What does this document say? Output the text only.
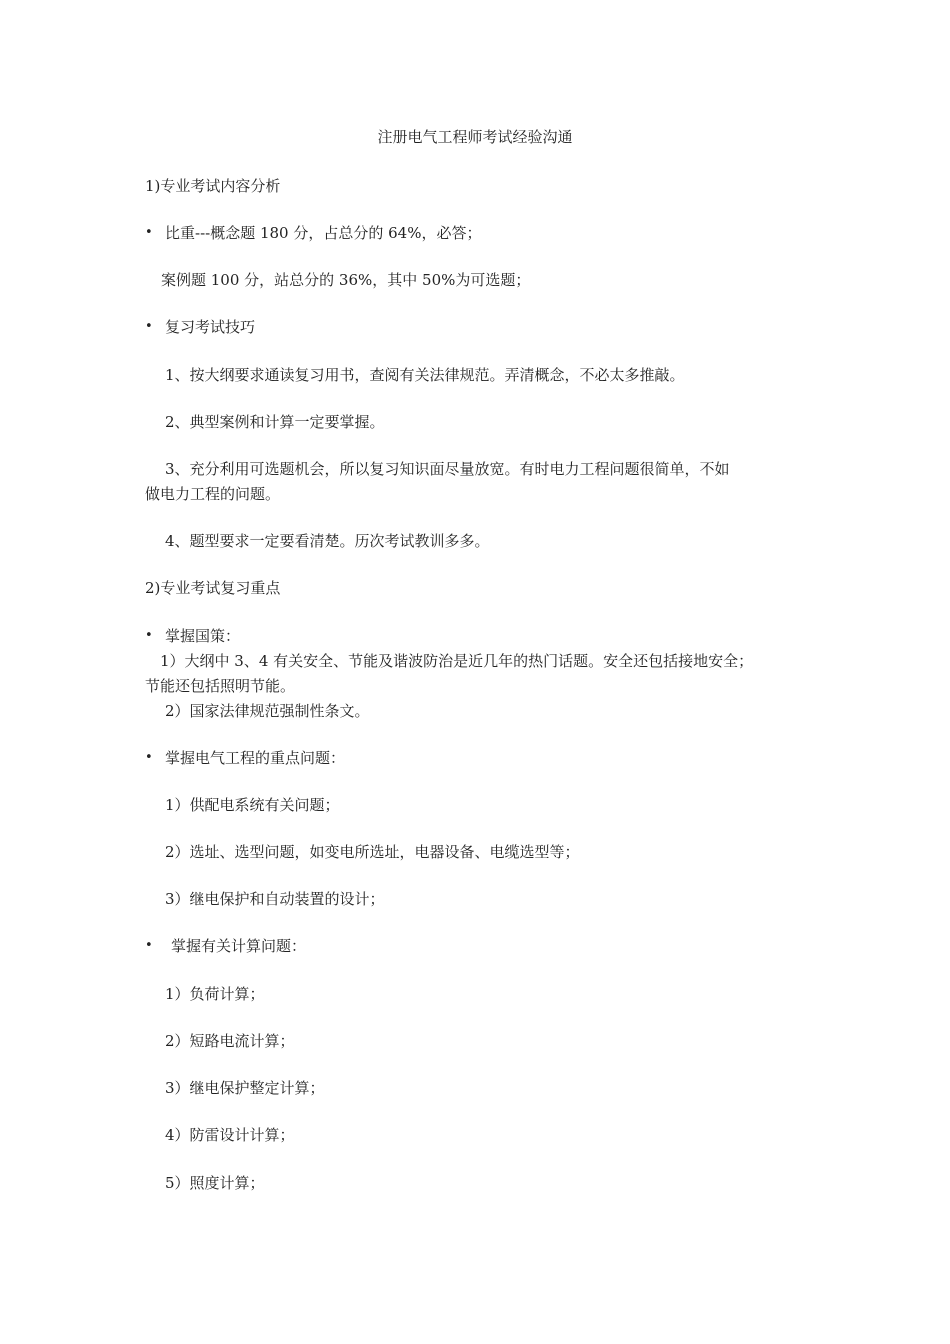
注册电气工程师考试经验沟通
1)专业考试内容分析
• 比重---概念题 180 分，占总分的 64%，必答；
案例题 100 分，站总分的 36%，其中 50%为可选题；
• 复习考试技巧
1、按大纲要求通读复习用书，查阅有关法律规范。弄清概念，不必太多推敲。
2、典型案例和计算一定要掌握。
3、充分利用可选题机会，所以复习知识面尽量放宽。有时电力工程问题很简单，不如
做电力工程的问题。
4、题型要求一定要看清楚。历次考试教训多多。
2)专业考试复习重点
• 掌握国策：
1）大纲中 3、4 有关安全、节能及谐波防治是近几年的热门话题。安全还包括接地安全；
节能还包括照明节能。
2）国家法律规范强制性条文。
• 掌握电气工程的重点问题：
1）供配电系统有关问题；
2）选址、选型问题，如变电所选址，电器设备、电缆选型等；
3）继电保护和自动装置的设计；
• 掌握有关计算问题：
1）负荷计算；
2）短路电流计算；
3）继电保护整定计算；
4）防雷设计计算；
5）照度计算；
